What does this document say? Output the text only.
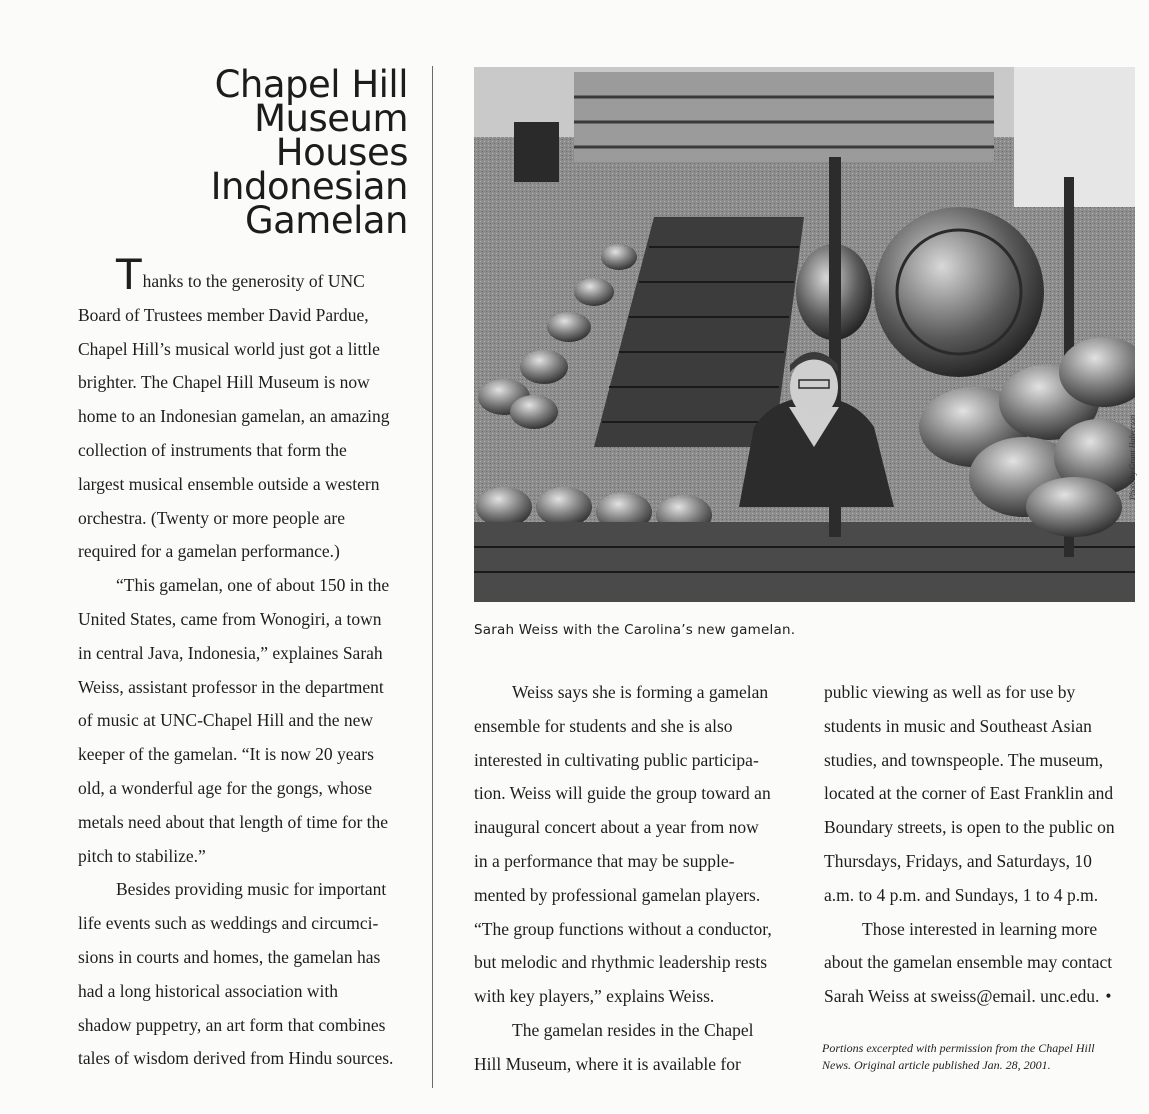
Chapel Hill
Museum
Houses
Indonesian
Gamelan

Thanks to the generosity of UNC

Board of Trustees member David Pardue,

Chapel Hill’s musical world just got a little

brighter. The Chapel Hill Museum is now

home to an Indonesian gamelan, an amazing

collection of instruments that form the

largest musical ensemble outside a western

orchestra. (Twenty or more people are

required for a gamelan performance.)

“This gamelan, one of about 150 in the

United States, came from Wonogiri, a town

in central Java, Indonesia,” explaines Sarah

Weiss, assistant professor in the department

of music at UNC-Chapel Hill and the new

keeper of the gamelan. “It is now 20 years

old, a wonderful age for the gongs, whose

metals need about that length of time for the

pitch to stabilize.”

Besides providing music for important

life events such as weddings and circumci-

sions in courts and homes, the gamelan has

had a long historical association with

shadow puppetry, an art form that combines

tales of wisdom derived from Hindu sources.

Photo by Grant Halverson

Sarah Weiss with the Carolina’s new gamelan.

Weiss says she is forming a gamelan

ensemble for students and she is also

interested in cultivating public participa-

tion. Weiss will guide the group toward an

inaugural concert about a year from now

in a performance that may be supple-

mented by professional gamelan players.

“The group functions without a conductor,

but melodic and rhythmic leadership rests

with key players,” explains Weiss.

The gamelan resides in the Chapel

Hill Museum, where it is available for

public viewing as well as for use by

students in music and Southeast Asian

studies, and townspeople. The museum,

located at the corner of East Franklin and

Boundary streets, is open to the public on

Thursdays, Fridays, and Saturdays, 10

a.m. to 4 p.m. and Sundays, 1 to 4 p.m.

Those interested in learning more

about the gamelan ensemble may contact

Sarah Weiss at sweiss@email. unc.edu. •

Portions excerpted with permission from the Chapel Hill
News. Original article published Jan. 28, 2001.
